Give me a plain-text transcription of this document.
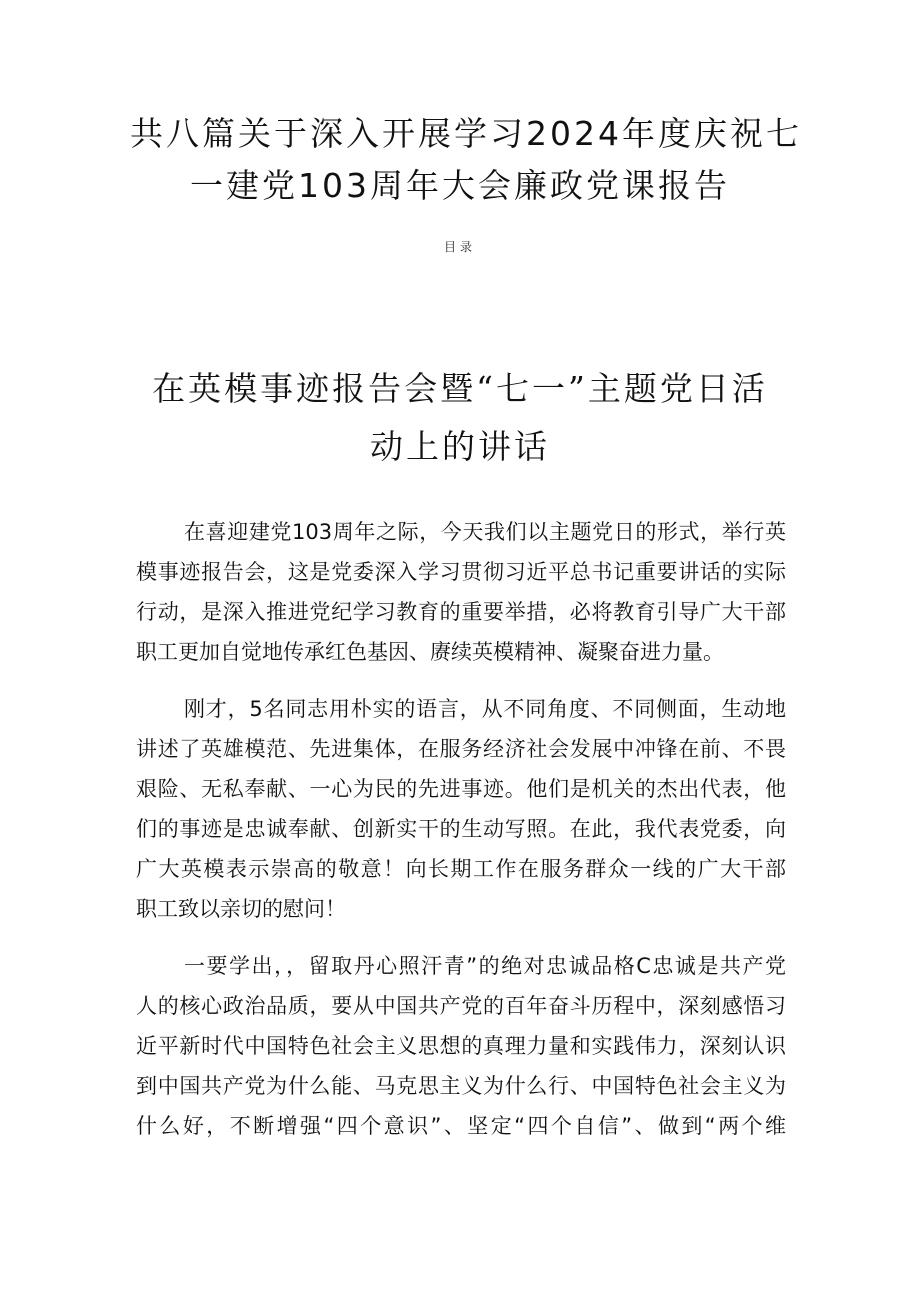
共八篇关于深入开展学习2024年度庆祝七
一建党103周年大会廉政党课报告
目录
在英模事迹报告会暨“七一”主题党日活
动上的讲话

在喜迎建党103周年之际，今天我们以主题党日的形式，举行英
模事迹报告会，这是党委深入学习贯彻习近平总书记重要讲话的实际
行动，是深入推进党纪学习教育的重要举措，必将教育引导广大干部
职工更加自觉地传承红色基因、赓续英模精神、凝聚奋进力量。

刚才，5名同志用朴实的语言，从不同角度、不同侧面，生动地
讲述了英雄模范、先进集体，在服务经济社会发展中冲锋在前、不畏
艰险、无私奉献、一心为民的先进事迹。他们是机关的杰出代表，他
们的事迹是忠诚奉献、创新实干的生动写照。在此，我代表党委，向
广大英模表示崇高的敬意！向长期工作在服务群众一线的广大干部
职工致以亲切的慰问！

一要学出，，留取丹心照汗青”的绝对忠诚品格C忠诚是共产党
人的核心政治品质，要从中国共产党的百年奋斗历程中，深刻感悟习
近平新时代中国特色社会主义思想的真理力量和实践伟力，深刻认识
到中国共产党为什么能、马克思主义为什么行、中国特色社会主义为
什么好，不断增强“四个意识”、坚定“四个自信”、做到“两个维
